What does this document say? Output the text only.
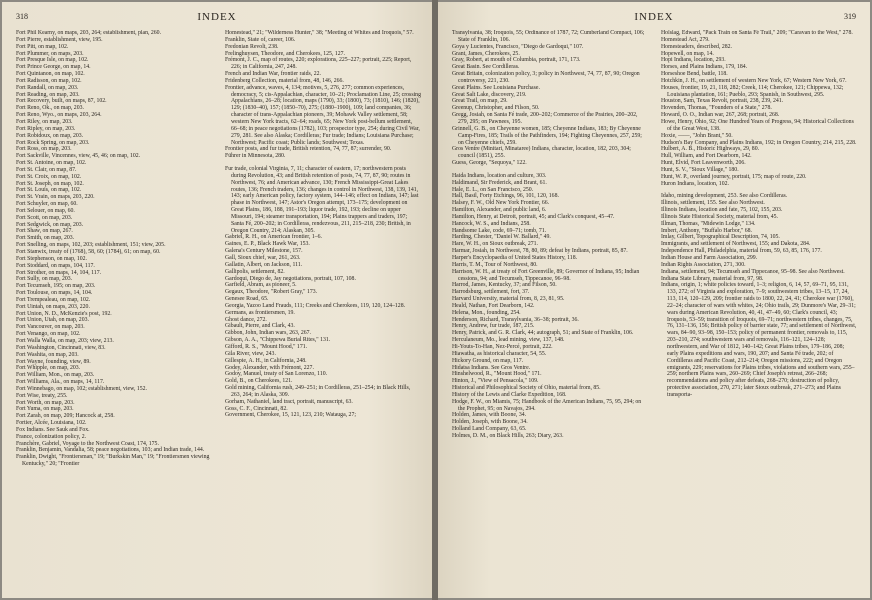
318	INDEX

Fort Phil Kearny, on maps, 203, 264; establishment, plan, 260.

Fort Pierre, establishment, view, 195.

Fort Pitt, on map, 102.

Fort Plummer, on maps, 203.

Fort Presque Isle, on map, 102.

Fort Prince George, on map, 14.

Fort Quintanon, on map, 102.

Fort Radisson, on map, 102.

Fort Randall, on map, 203.

Fort Reading, on map, 203.

Fort Recovery, built, on maps, 87, 102.

Fort Reno, Ok., on map, 203.

Fort Reno, Wyo., on maps, 203, 264.

Fort Riley, on map, 203.

Fort Ripley, on map, 203.

Fort Robidoux, on map, 203.

Fort Rock Spring, on map, 203.

Fort Ross, on map, 203.

Fort Sackville, Vincennes, view, 45, 46; on map, 102.

Fort St. Antoine, on map, 102.

Fort St. Clair, on map, 87.

Fort St. Croix, on map, 102.

Fort St. Joseph, on map, 102.

Fort St. Louis, on map, 102.

Fort St. Vrain, on maps, 203, 220.

Fort Schuyler, on map, 60.

Fort Selouer, on map, 60.

Fort Scott, on map, 203.

Fort Sedgwick, on map, 203.

Fort Shaw, on map, 267.

Fort Smith, on map, 203.

Fort Snelling, on maps, 102, 203; establishment, 151; view, 205.

Fort Stanwix, treaty of (1768), 58, 60; (1784), 61; on map, 60.

Fort Stephenson, on map, 102.

Fort Stoddard, on maps, 104, 117.

Fort Strother, on maps, 14, 104, 117.

Fort Sully, on map, 203.

Fort Tecumseh, 195; on map, 203.

Fort Toulouse, on maps, 14, 104.

Fort Trempealeau, on map, 102.

Fort Uintah, on maps, 203, 220.

Fort Union, N. D., McKenzie's post, 192.

Fort Union, Utah, on map, 203.

Fort Vancouver, on map, 203.

Fort Venango, on map, 102.

Fort Walla Walla, on map, 203; view, 213.

Fort Washington, Cincinnati, view, 83.

Fort Washita, on map, 203.

Fort Wayne, founding, view, 89.

Fort Whipple, on map, 203.

Fort William, Mon., on map, 203.

Fort Williams, Ala., on maps, 14, 117.

Fort Winnebago, on map, 102; establishment, view, 152.

Fort Wise, treaty, 255.

Fort Worth, on map, 203.

Fort Yuma, on map, 203.

Fort Zarah, on map, 209; Hancock at, 258.

Fortier, Alcée, Louisiana, 102.

Fox Indians. See Sauk and Fox.

France, colonization policy, 2.

Franchère, Gabriel, Voyage to the Northwest Coast, 174, 175.

Franklin, Benjamin, Vandalia, 58; peace negotiations, 103; and Indian trade, 144.

Franklin, Dwight, "Frontiersman," 19; "Burkskin Man," 19; "Frontiersmen viewing Kentucky," 20; "Frontier

Homestead," 21; "Wilderness Hunter," 38; "Meeting of Whites and Iroquois," 57.

Franklin, State of, career, 106.

Fredonian Revolt, 238.

Frelinghuysen, Theodore, and Cherokees, 125, 127.

Frémont, J. C., map of routes, 220; explorations, 225–227; portrait, 225; Report, 226; in California, 247, 248.

French and Indian War, frontier raids, 22.

Fridenberg Collection, material from, 48, 146, 266.

Frontier, advance, waves, 4, 134; motives, 5, 276, 277; common experiences, democracy, 5; cis-Appalachian, character, 10–21; Proclamation Line, 25; crossing Appalachians, 26–28; location, maps (1790), 33; (1800), 73; (1810), 146; (1820), 129; (1830–40), 157; (1850–70), 275; (1880–1900), 109; land companies, 36; character of trans-Appalachian pioneers, 39; Mohawk Valley settlement, 58; western New York tracts, 62–64; roads, 65; New York post-bellum settlement, 66–68; in peace negotiations (1782), 103; prospector type, 254; during Civil War, 279, 281. See also Alaska; Cordilleras; Fur trade; Indians; Louisiana Purchase; Northwest; Pacific coast; Public lands; Southwest; Texas.

Frontier posts, and fur trade, British retention, 74, 77, 87; surrender, 90.

Führer in Minnesota, 280.

Fur trade, colonial Virginia, 7, 11; character of eastern, 17; northwestern posts during Revolution, 43; and British retention of posts, 74, 77, 87, 90; routes in Northwest, 76; and American advance, 130; French Mississippi-Great Lakes routes, 136; French traders, 136; changes in control in Northwest, 138, 139, 141, 143; early American policy, factory system, 144–146; effect on Indians, 147; last phase in Northwest, 147; Astor's Oregon attempt, 173–175; development on Great Plains, 186, 188, 191–193; liquor trade, 192, 193; decline on upper Missouri, 194; steamer transportation, 194; Plains trappers and traders, 197; Santa Fé, 200–202; in Cordilleras, rendezvous, 211, 215–218, 230; British, in Oregon Country, 214; Alaskan, 305.

Gabriel, R. H., on American frontier, 1–6.

Gaines, E. P., Black Hawk War, 153.

Galena's Century Milestone, 157.

Gall, Sioux chief, war, 261, 263.

Gallatin, Albert, on Jackson, 111.

Gallipolis, settlement, 82.

Gardoqui, Diego de, Jay negotiations, portrait, 107, 108.

Garfield, Abram, as pioneer, 5.

Gegaux, Theodore, "Robert Gray," 173.

Genesee Road, 65.

Georgia, Yazoo Land Frauds, 111; Creeks and Cherokees, 119, 120, 124–128.

Germans, as frontiersmen, 19.

Ghost dance, 272.

Gibault, Pierre, and Clark, 43.

Gibbon, John, Indian wars, 263, 267.

Gibson, A. A., "Chippewa Burial Rites," 131.

Gifford, R. S., "Mount Hood," 171.

Gila River, view, 243.

Gillespie, A. H., in California, 248.

Godey, Alexander, with Frémont, 227.

Godoy, Manuel, treaty of San Lorenzo, 110.

Gold, B., on Cherokees, 121.

Gold mining, California rush, 249–251; in Cordilleras, 251–254; in Black Hills, 263, 264; in Alaska, 309.

Gorham, Nathaniel, land tract, portrait, manuscript, 63.

Goss, C. F., Cincinnati, 82.

Government, Cherokee, 15, 121, 123, 210; Watauga, 27;

INDEX	319

Transylvania, 38; Iroquois, 55; Ordinance of 1787, 72; Cumberland Compact, 106; State of Franklin, 106.

Goya y Lucientes, Francisco, "Diego de Gardoqui," 107.

Grant, James, Cherokees, 25.

Gray, Robert, at mouth of Columbia, portrait, 171, 173.

Great Basin. See Cordilleras.

Great Britain, colonization policy, 3; policy in Northwest, 74, 77, 87, 90; Oregon controversy, 221, 230.

Great Plains. See Louisiana Purchase.

Great Salt Lake, discovery, 219.

Great Trail, on map, 29.

Greenup, Christopher, and Filson, 50.

Gregg, Josiah, on Santa Fé trade, 200–202; Commerce of the Prairies, 200–202, 279, 295; on Pawnees, 195.

Grinnell, G. B., on Cheyenne women, 185; Cheyenne Indians, 183; By Cheyenne Camp-Fires, 185; Trails of the Pathfinders, 194; Fighting Cheyennes, 257, 259; on Cheyenne chiefs, 259.

Gros Ventre (Minitari, Minataree) Indians, character, location, 182, 203, 304; council (1851), 255.

Guess, George, "Sequoya," 122.

Haida Indians, location and culture, 303.

Haldimand, Sir Frederick, and Brant, 61.

Hale, E. L., on San Francisco, 250.

Hall, Basil, Forty Etchings, 96, 101, 120, 168.

Halsey, F. W., Old New York Frontier, 66.

Hamilton, Alexander, and public land, 6.

Hamilton, Henry, at Detroit, portrait, 45; and Clark's conquest, 45–47.

Hancock, W. S., and Indians, 258.

Handsome Lake, code, 69–71; tomb, 71.

Harding, Chester, "Daniel W. Ballard," 49.

Hare, W. H., on Sioux outbreak, 271.

Harmar, Josiah, in Northwest, 78, 80, 89; defeat by Indians, portrait, 85, 87.

Harper's Encyclopaedia of United States History, 118.

Harris, T. M., Tour of Northwest, 80.

Harrison, W. H., at treaty of Fort Greenville, 89; Governor of Indiana, 95; Indian cessions, 94; and Tecumseh, Tippecanoe, 96–98.

Harrod, James, Kentucky, 37; and Filson, 50.

Harrodsburg, settlement, fort, 37.

Harvard University, material from, 8, 23, 81, 95.

Heald, Nathan, Fort Dearborn, 142.

Helena, Mon., founding, 254.

Henderson, Richard, Transylvania, 36–38; portrait, 36.

Henry, Andrew, fur trade, 187, 215.

Henry, Patrick, and G. R. Clark, 44; autograph, 51; and State of Franklin, 106.

Herculaneum, Mo., lead mining, view, 137, 148.

Hi-Youts-To-Han, Nez-Percé, portrait, 222.

Hiawatha, as historical character, 54, 55.

Hickory Ground, on map, 117.

Hidatsa Indians. See Gros Ventre.

Hinshelwood, R., "Mount Hood," 171.

Hinton, J., "View of Pensacola," 109.

Historical and Philosophical Society of Ohio, material from, 85.

History of the Lewis and Clarke Expedition, 168.

Hodge, F. W., on Miamis, 75; Handbook of the American Indians, 75, 95, 294; on the Prophet, 95; on Navajos, 294.

Holden, James, with Boone, 34.

Holden, Joseph, with Boone, 34.

Holland Land Company, 63, 65.

Holmes, D. M., on Black Hills, 263; Diary, 263.

Holslag, Edward, "Pack Train on Santa Fé Trail," 209; "Caravan to the West," 278.

Homestead Act, 279.

Homesteaders, described, 282.

Hopewell, on map, 14.

Hopi Indians, location, 293.

Horses, and Plains Indians, 179, 184.

Horseshoe Bend, battle, 118.

Hotchkin, J. H., on settlement of western New York, 67; Western New York, 67.

Houses, frontier, 19, 21, 118, 282; Creek, 114; Cherokee, 121; Chippewa, 132; Louisiana plantation, 161; Pueblo, 293; Spanish, in Southwest, 295.

Houston, Sam, Texas Revolt, portrait, 238, 239, 241.

Hovenden, Thomas, "Founders of a State," 278.

Howard, O. O., Indian war, 267, 268; portrait, 268.

Howe, Henry, Ohio, 92; One Hundred Years of Progress, 94; Historical Collections of the Great West, 138.

Hoxie, ——, "John Brant," 50.

Hudson's Bay Company, and Plains Indians, 192; in Oregon Country, 214, 215, 228.

Hulbert, A. B., Historic Highways, 29, 80.

Hull, William, and Fort Dearborn, 142.

Hunt, Elvid, Fort Leavenworth, 206.

Hunt, S. V., "Sioux Village," 180.

Hunt, W. P., overland journey, portrait, 175; map of route, 220.

Huron Indians, location, 102.

Idaho, mining development, 253. See also Cordilleras.

Illinois, settlement, 155. See also Northwest.

Illinois Indians, location and fate, 75, 102, 155, 203.

Illinois State Historical Society, material from, 45.

Illman, Thomas, "Midewin Lodge," 134.

Imbert, Anthony, "Buffalo Harbor," 68.

Imlay, Gilbert, Topographical Description, 74, 105.

Immigrants, and settlement of Northwest, 155; and Dakota, 284.

Independence Hall, Philadelphia, material from, 59, 63, 85, 176, 177.

Indian House and Farm Association, 299.

Indian Rights Association, 271, 300.

Indiana, settlement, 94; Tecumseh and Tippecanoe, 95–98. See also Northwest.

Indiana State Library, material from, 97, 98.

Indians, origin, 1; white policies toward, 1–3; religion, 6, 14, 57, 69–71, 95, 131, 133, 272; of Virginia and exploration, 7–9; southwestern tribes, 13–15, 17, 24, 113, 114, 120–129, 209; frontier raids to 1800, 22, 24, 41; Cherokee war (1760), 22–24; character of wars with whites, 24; Ohio trails, 29; Dunmore's War, 29–31; wars during American Revolution, 40, 41, 47–49, 60; Clark's council, 43; Iroquois, 53–59; transition of Iroquois, 69–71; northwestern tribes, changes, 75, 76, 131–136, 156; British policy of barrier state, 77; and settlement of Northwest, wars, 84–90, 93–98, 150–153; policy of permanent frontier, removals to, 115, 203–210, 274; southwestern wars and removals, 116–121, 124–128; northwestern, and War of 1812, 140–142; Great Plains tribes, 179–186, 208; early Plains expeditions and wars, 190, 207; and Santa Fé trade, 202; of Cordilleras and Pacific Coast, 212–214; Oregon missions, 222; and Oregon emigrants, 229; reservations for Plains tribes, violations and southern wars, 255–259; northern Plains wars, 260–269; Chief Joseph's retreat, 266–268; recommendations and policy after defeats, 268–270; destruction of policy, protective association, 270, 271; later Sioux outbreak, 271–273; and Plains transporta-
